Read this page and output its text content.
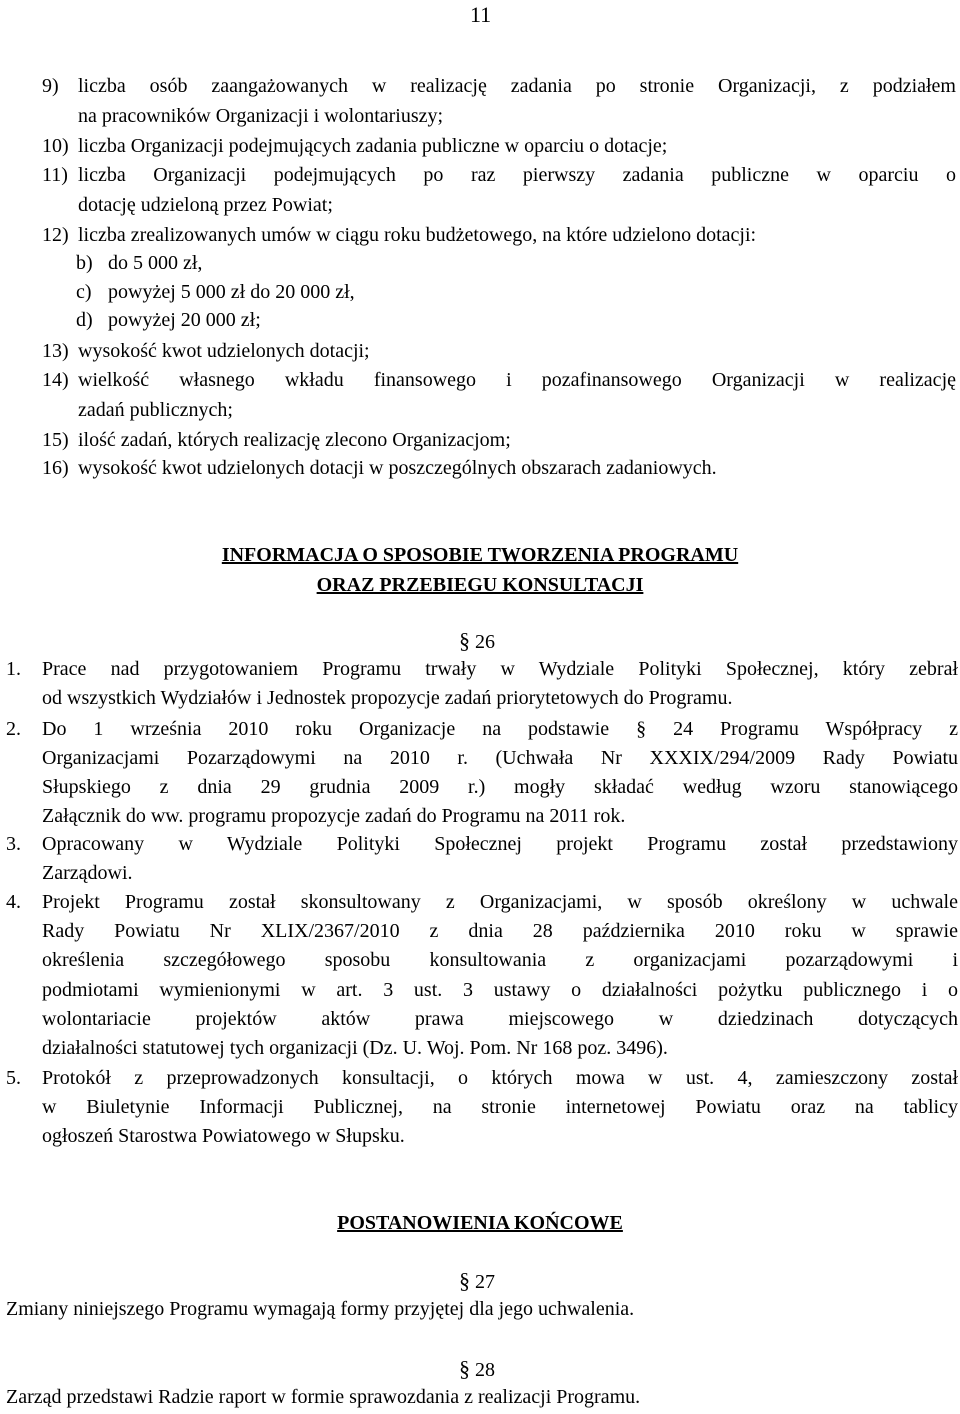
11
9) liczba osób zaangażowanych w realizację zadania po stronie Organizacji, z podziałem
na pracowników Organizacji i wolontariuszy;
10) liczba Organizacji podejmujących zadania publiczne w oparciu o dotacje;
11) liczba Organizacji podejmujących po raz pierwszy zadania publiczne w oparciu o
dotację udzieloną przez Powiat;
12) liczba zrealizowanych umów w ciągu roku budżetowego, na które udzielono dotacji:
b) do 5 000 zł,
c) powyżej 5 000 zł do 20 000 zł,
d) powyżej 20 000 zł;
13) wysokość kwot udzielonych dotacji;
14) wielkość własnego wkładu finansowego i pozafinansowego Organizacji w realizację
zadań publicznych;
15) ilość zadań, których realizację zlecono Organizacjom;
16) wysokość kwot udzielonych dotacji w poszczególnych obszarach zadaniowych.
INFORMACJA O SPOSOBIE TWORZENIA PROGRAMU
ORAZ PRZEBIEGU KONSULTACJI
§ 26
1. Prace nad przygotowaniem Programu trwały w Wydziale Polityki Społecznej, który zebrał
od wszystkich Wydziałów i Jednostek propozycje zadań priorytetowych do Programu.
2. Do 1 września 2010 roku Organizacje na podstawie § 24 Programu Współpracy z
Organizacjami Pozarządowymi na 2010 r. (Uchwała Nr XXXIX/294/2009 Rady Powiatu
Słupskiego z dnia 29 grudnia 2009 r.) mogły składać według wzoru stanowiącego
Załącznik do ww. programu propozycje zadań do Programu na 2011 rok.
3. Opracowany w Wydziale Polityki Społecznej projekt Programu został przedstawiony
Zarządowi.
4. Projekt Programu został skonsultowany z Organizacjami, w sposób określony w uchwale
Rady Powiatu Nr XLIX/2367/2010 z dnia 28 października 2010 roku w sprawie
określenia szczegółowego sposobu konsultowania z organizacjami pozarządowymi i
podmiotami wymienionymi w art. 3 ust. 3 ustawy o działalności pożytku publicznego i o
wolontariacie projektów aktów prawa miejscowego w dziedzinach dotyczących
działalności statutowej tych organizacji (Dz. U. Woj. Pom. Nr 168 poz. 3496).
5. Protokół z przeprowadzonych konsultacji, o których mowa w ust. 4, zamieszczony został
w Biuletynie Informacji Publicznej, na stronie internetowej Powiatu oraz na tablicy
ogłoszeń Starostwa Powiatowego w Słupsku.
POSTANOWIENIA KOŃCOWE
§ 27
Zmiany niniejszego Programu wymagają formy przyjętej dla jego uchwalenia.
§ 28
Zarząd przedstawi Radzie raport w formie sprawozdania z realizacji Programu.
